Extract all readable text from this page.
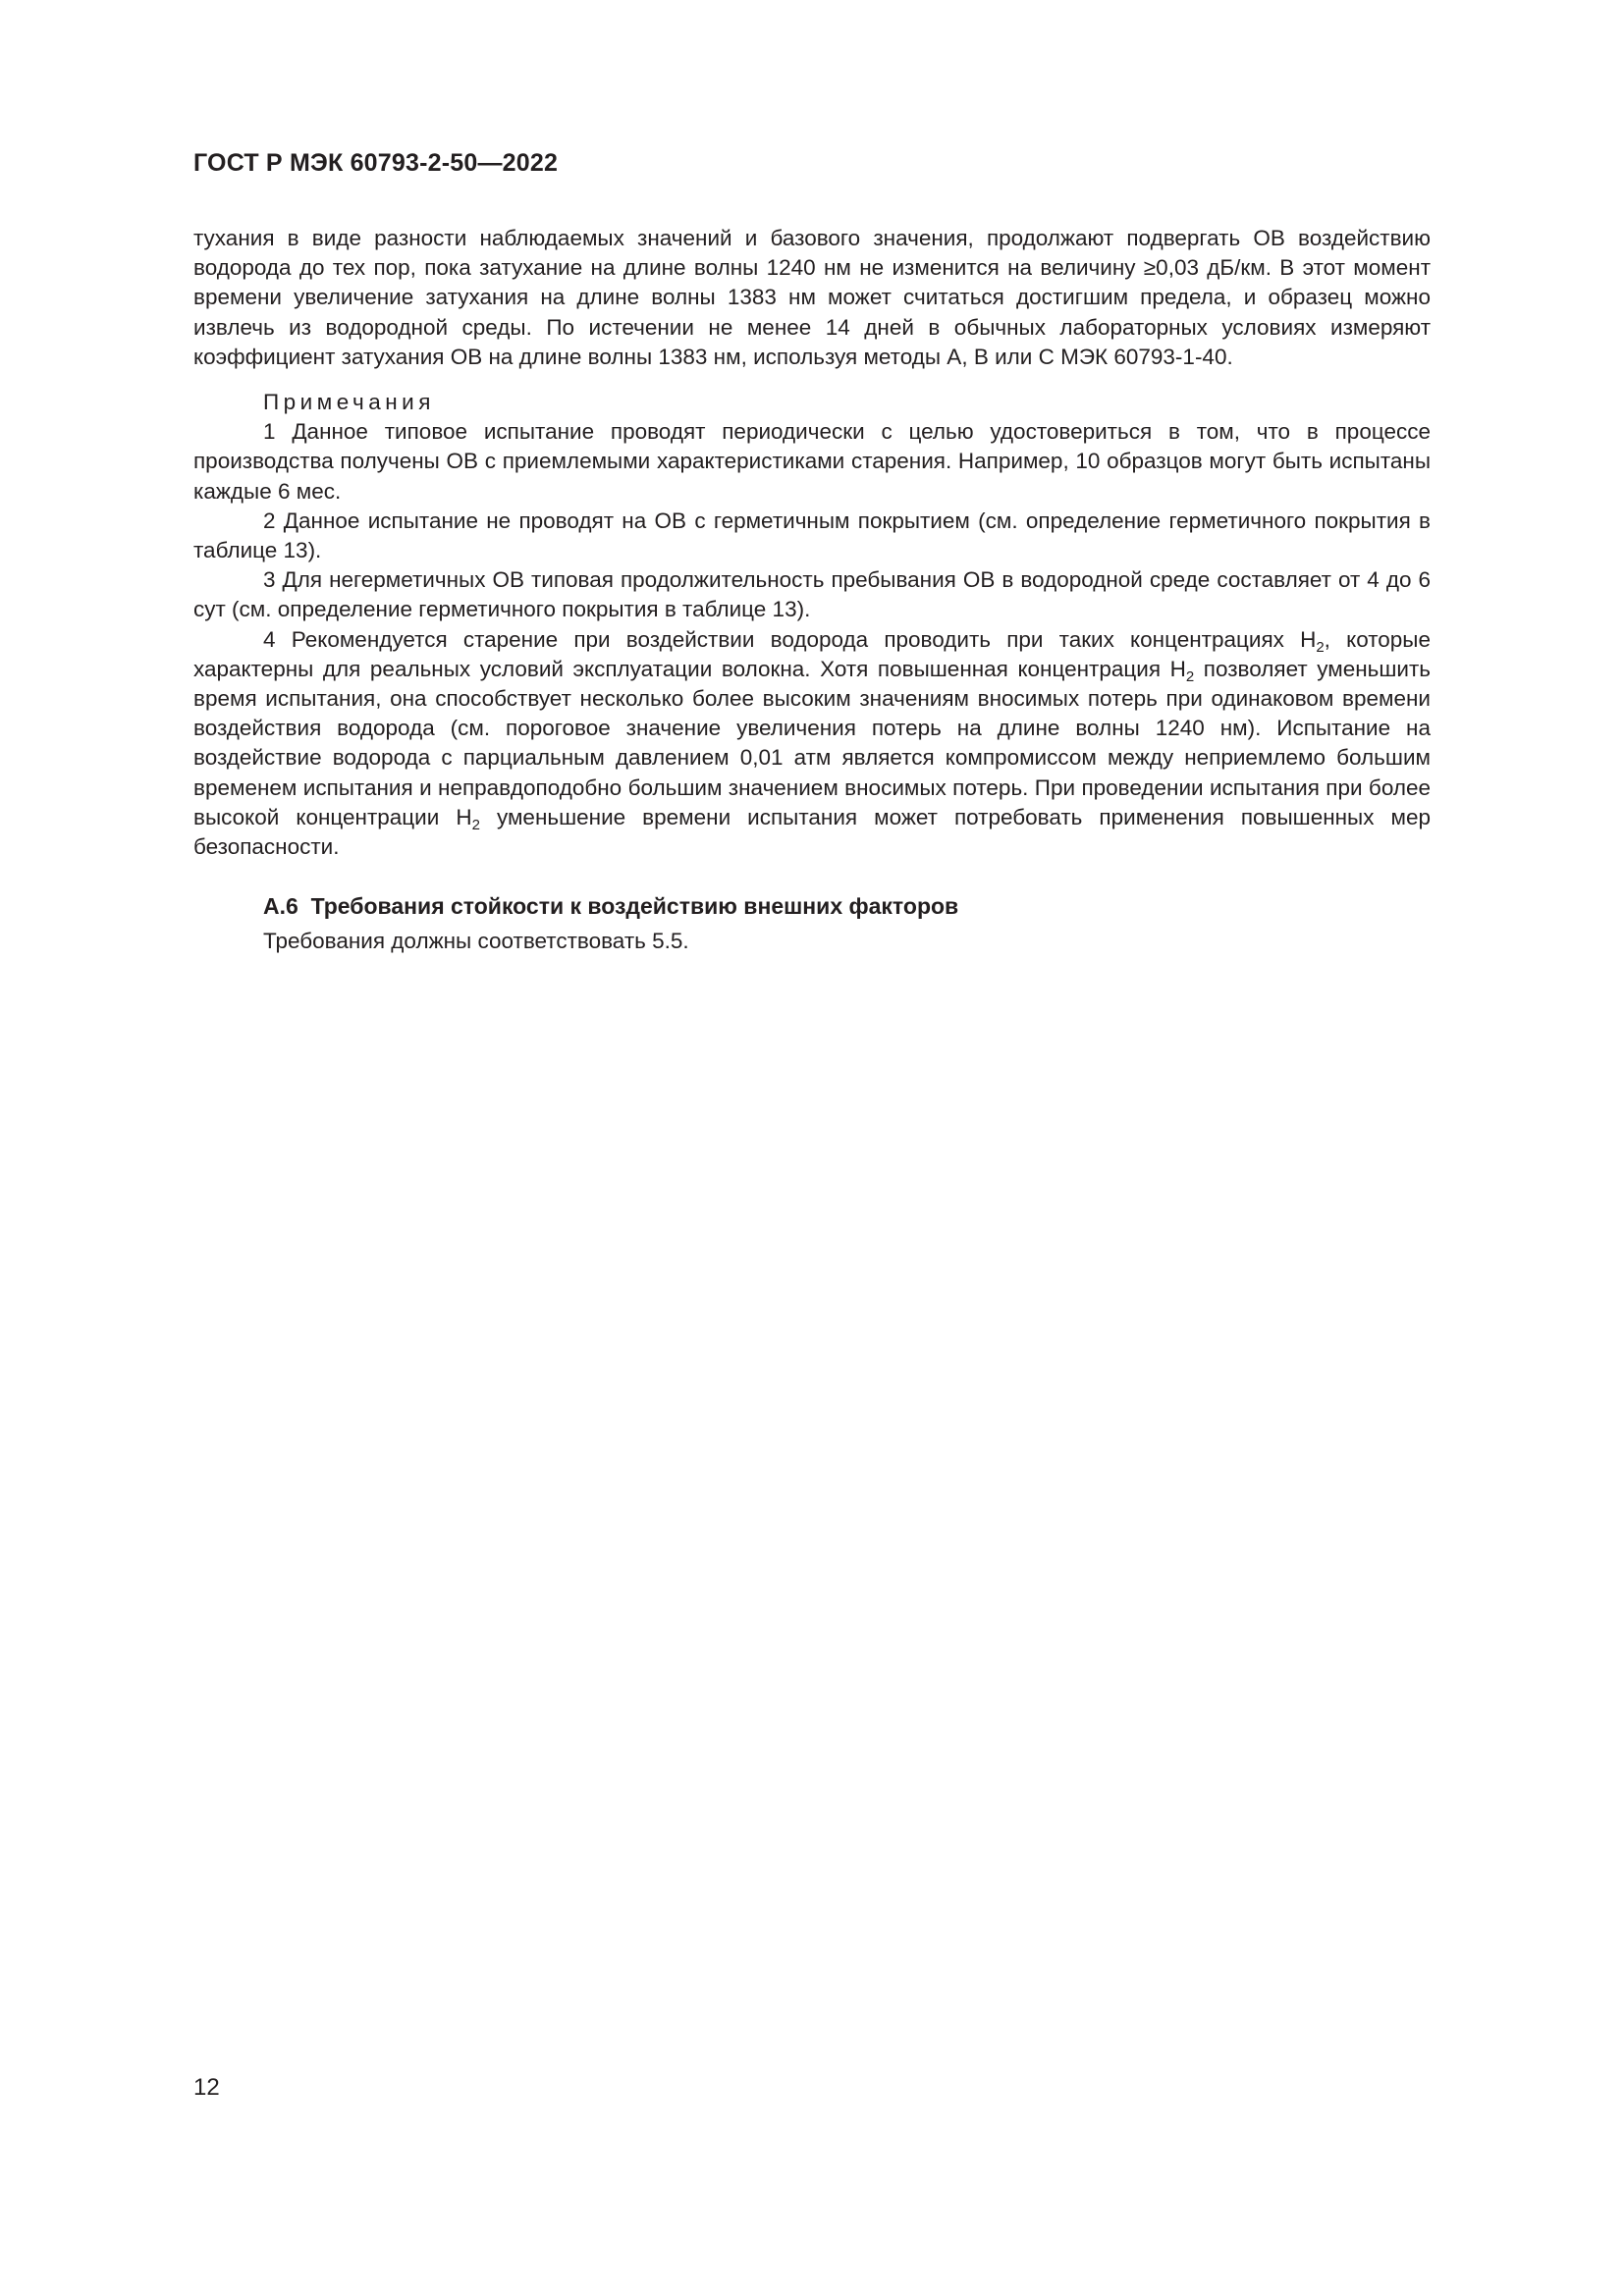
ГОСТ Р МЭК 60793-2-50—2022

тухания в виде разности наблюдаемых значений и базового значения, продолжают подвергать ОВ воздействию водорода до тех пор, пока затухание на длине волны 1240 нм не изменится на величину ≥0,03 дБ/км. В этот момент времени увеличение затухания на длине волны 1383 нм может считаться достигшим предела, и образец можно извлечь из водородной среды. По истечении не менее 14 дней в обычных лабораторных условиях измеряют коэффициент затухания ОВ на длине волны 1383 нм, используя методы А, В или С МЭК 60793-1-40.

Примечания

1 Данное типовое испытание проводят периодически с целью удостовериться в том, что в процессе производства получены ОВ с приемлемыми характеристиками старения. Например, 10 образцов могут быть испытаны каждые 6 мес.

2 Данное испытание не проводят на ОВ с герметичным покрытием (см. определение герметичного покрытия в таблице 13).

3 Для негерметичных ОВ типовая продолжительность пребывания ОВ в водородной среде составляет от 4 до 6 сут (см. определение герметичного покрытия в таблице 13).

4 Рекомендуется старение при воздействии водорода проводить при таких концентрациях $H_2$, которые характерны для реальных условий эксплуатации волокна. Хотя повышенная концентрация $H_2$ позволяет уменьшить время испытания, она способствует несколько более высоким значениям вносимых потерь при одинаковом времени воздействия водорода (см. пороговое значение увеличения потерь на длине волны 1240 нм). Испытание на воздействие водорода с парциальным давлением 0,01 атм является компромиссом между неприемлемо большим временем испытания и неправдоподобно большим значением вносимых потерь. При проведении испытания при более высокой концентрации $H_2$ уменьшение времени испытания может потребовать применения повышенных мер безопасности.

А.6  Требования стойкости к воздействию внешних факторов

Требования должны соответствовать 5.5.

12
